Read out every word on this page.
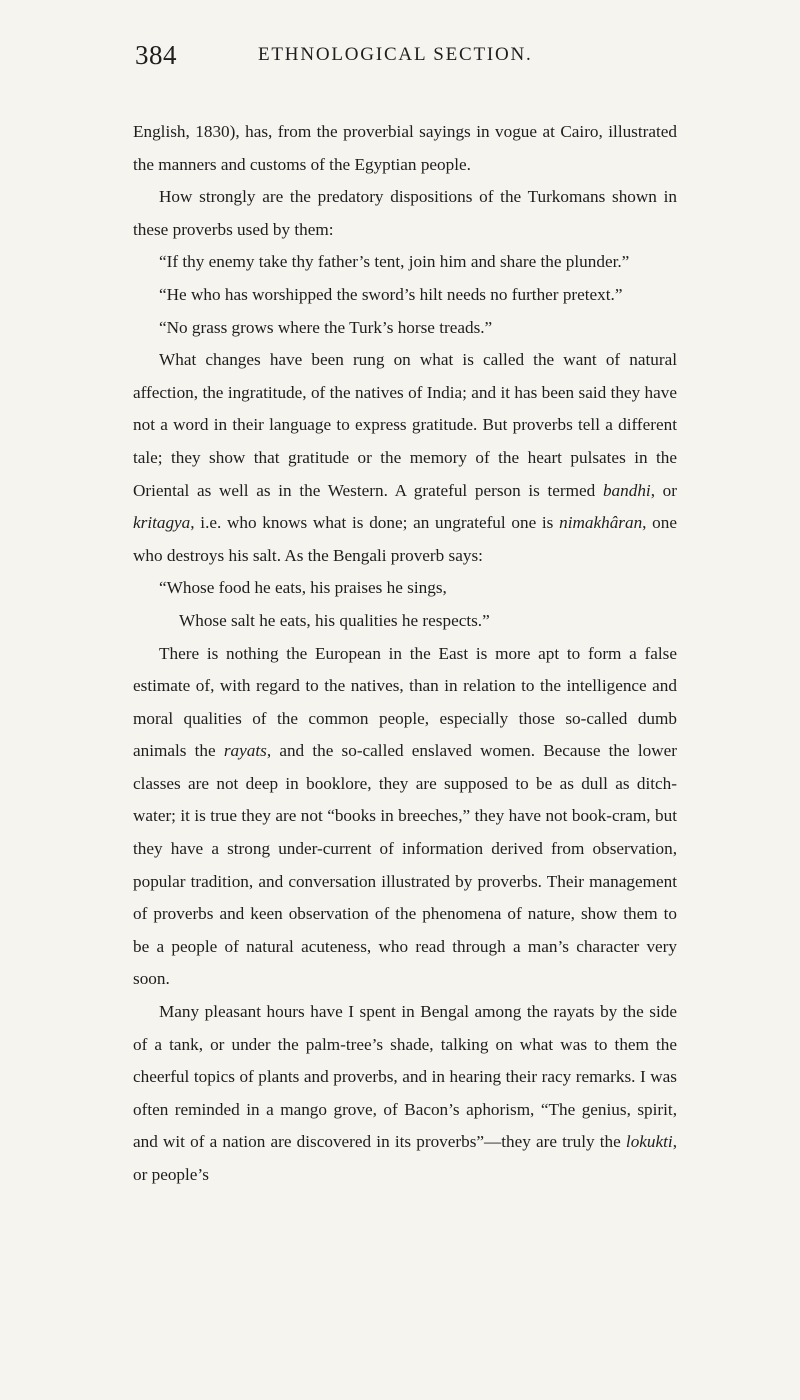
384	ETHNOLOGICAL SECTION.

English, 1830), has, from the proverbial sayings in vogue at Cairo, illustrated the manners and customs of the Egyptian people.

How strongly are the predatory dispositions of the Turkomans shown in these proverbs used by them:

“If thy enemy take thy father’s tent, join him and share the plunder.”

“He who has worshipped the sword’s hilt needs no further pretext.”

“No grass grows where the Turk’s horse treads.”

What changes have been rung on what is called the want of natural affection, the ingratitude, of the natives of India; and it has been said they have not a word in their language to express gratitude. But proverbs tell a different tale; they show that gratitude or the memory of the heart pulsates in the Oriental as well as in the Western. A grateful person is termed bandhi, or kritagya, i.e. who knows what is done; an ungrateful one is nimakhâran, one who destroys his salt. As the Bengali proverb says:

“Whose food he eats, his praises he sings,

Whose salt he eats, his qualities he respects.”

There is nothing the European in the East is more apt to form a false estimate of, with regard to the natives, than in relation to the intelligence and moral qualities of the common people, especially those so-called dumb animals the rayats, and the so-called enslaved women. Because the lower classes are not deep in booklore, they are supposed to be as dull as ditch-water; it is true they are not “books in breeches,” they have not book-cram, but they have a strong under-current of information derived from observation, popular tradition, and conversation illustrated by proverbs. Their management of proverbs and keen observation of the phenomena of nature, show them to be a people of natural acuteness, who read through a man’s character very soon.

Many pleasant hours have I spent in Bengal among the rayats by the side of a tank, or under the palm-tree’s shade, talking on what was to them the cheerful topics of plants and proverbs, and in hearing their racy remarks. I was often reminded in a mango grove, of Bacon’s aphorism, “The genius, spirit, and wit of a nation are discovered in its proverbs”—they are truly the lokukti, or people’s
